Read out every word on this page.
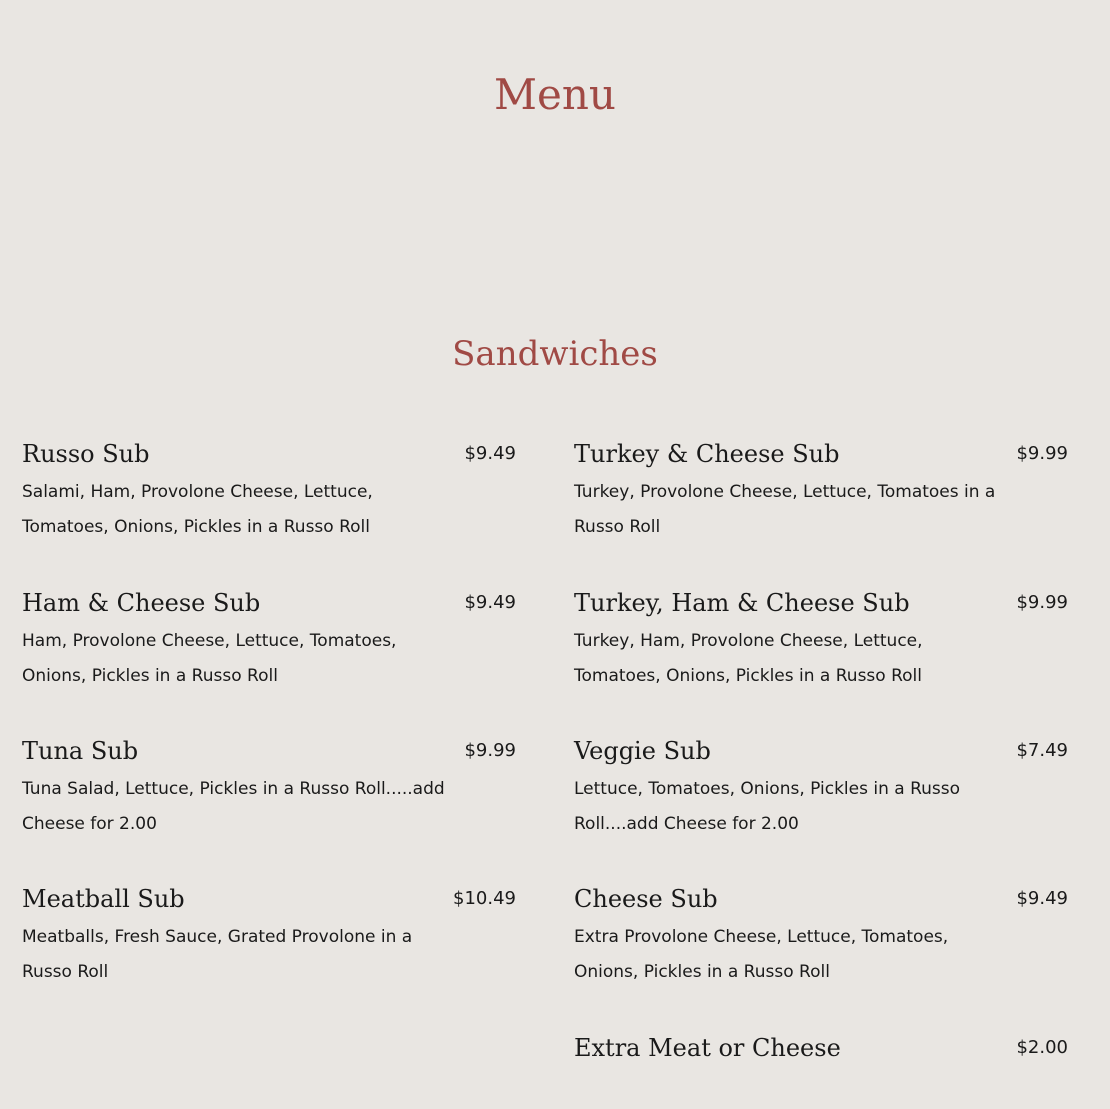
Menu
Sandwiches
Russo Sub	$9.49
Salami, Ham, Provolone Cheese, Lettuce, Tomatoes, Onions, Pickles in a Russo Roll
Ham & Cheese Sub	$9.49
Ham, Provolone Cheese, Lettuce, Tomatoes, Onions, Pickles in a Russo Roll
Tuna Sub	$9.99
Tuna Salad, Lettuce, Pickles in a Russo Roll.....add Cheese for 2.00
Meatball Sub	$10.49
Meatballs, Fresh Sauce, Grated Provolone in a Russo Roll
Turkey & Cheese Sub	$9.99
Turkey, Provolone Cheese, Lettuce, Tomatoes in a Russo Roll
Turkey, Ham & Cheese Sub	$9.99
Turkey, Ham, Provolone Cheese, Lettuce, Tomatoes, Onions, Pickles in a Russo Roll
Veggie Sub	$7.49
Lettuce, Tomatoes, Onions, Pickles in a Russo Roll....add Cheese for 2.00
Cheese Sub	$9.49
Extra Provolone Cheese, Lettuce, Tomatoes, Onions, Pickles in a Russo Roll
Extra Meat or Cheese	$2.00
